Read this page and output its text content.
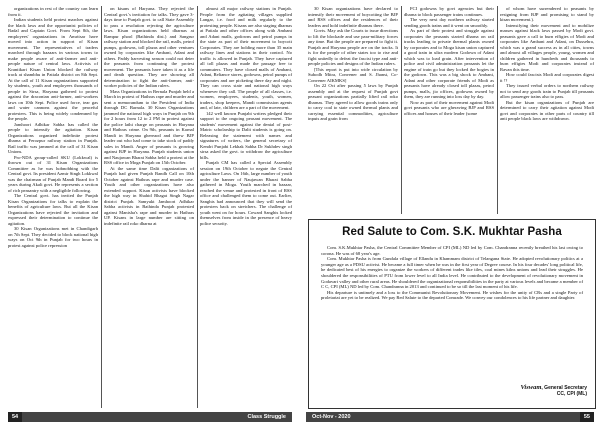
organizations in rest of the country can learn from it.

Indian students held protest marches against the black laws and the opportunist policies of Badal and Captain Govt. From Sept 8th, the employees' organizations in Amritsar have moved into action in support of Kisan movement. The representatives of traders marched through bazaars in various towns to make people aware of anti-farmer and anti-people nature of central laws. Activists of Krantikari Kisan Union blocked the railway track at shambhu in Patiala district on 8th Sept. At the call of 11 Kisan organizations supported by students, youth and employees thousands of people in Sirsa, Haryana gathered to protest against the draconian anti-farmer, anti-workers laws on 10th Sept. Police used force, tear gas and water cannons against the peaceful protesters. This is being widely condemned by the people.

Jamhoori Adhikar Sabha has called the people to intensify the agitation. Kisan Organizations organized indefinite protest dharna at Ferozpur railway station in Punjab. Rail traffic was jammed at the call of 31 Kisan Unions.

Pro-NDA group-called SKU (Lokkwal) is thrown out of 31 Kisan Organizations Committee as he was hobnobbing with the Central govt. Its president Azmir Singh Lokkwal was the chairman of Punjab Mandi Board for 5 years during Akali govt. He represents a section of rich peasantry with a negligible following.

The Central govt. has invited the Punjab Kisan Organizations for talks to explain the benefits of agriculture laws. But all the Kisan Organizations have rejected the invitation and expressed their determination to continue the agitation.

30 Kisan Organizations met in Chandigarh on 7th Sept. They decided to block national high ways on Oct 9th in Punjab for two hours in protest against police repression

on kisans of Haryana. They rejected the Central govt.'s invitation for talks. They gave 3-days time to Punjab govt. to call State Assembly to pass a resolution rejecting the agriculture laws. Kisan organizations held dharnas at Rampur phool (Bathinda dist.) and Sangrur railway station and blocked the rail, malls, petrol pumps, godowns, toll plazas and other ventures owned by corporates like Ambani, Adani and others. Paddy harvesting season could not deter the peasants from continuing the protest movement. The peasants have taken it as a life and death question. They are showing all determination to fight the anti-farmer, anti-worker policies of the Indian rulers.

Mass Organizations in Bernala Punjab held a March in protest of Hathras rape and murder and sent a memorandum to the President of India through DC Barnala. 30 Kisan Organizations jammed the national high ways in Punjab on 9th for 2 hours from 12 to 2 PM in protest against the police lathi charge on peasants in Haryana and Hathras crime. On 9th, peasants in Karnal Mandi in Haryana ghereaod and threw BJP leader out who had come to take stock of paddy sales in Mandi. Anger of peasants is growing against BJP in Haryana. Punjab students union and Naujawan Bharat Sabha held a protest at the RSS office in Moga Punjab on 15th October.

At the same time Dalit organizations of Punjab had given Punjab Bandh Call on 10th October against Hathras rape and murder case. Youth and other organizations have also extended support. Kisan activists have blocked the high way in Shahid Bhagat Singh Nagar district Punjab. Samyukt Jamhoori Adhikar Sabha activists in Bathinda Punjab protested against Manisha's rape and murder in Hathras UP. Kisans in large number are sitting on indefinite rail roko dharna at

almost all major railway stations in Punjab. People from the agitating villages supplied Langar, i.e. food and milk regularly to the protesting people. Kisans are also staging dharnas at Patiala and other offices along with Ambani and Adani malls, godowns and petrol pumps in the state as part of their movement to boycott Corporates. They are holding more than 35 main railway lines and stations in their control. No traffic is allowed in Punjab. They have captured all toll plazas and made the passage free to commuters. They have closed malls of Ambani, Adani, Reliance stores, godowns, petrol pumps of corporates and are picketing there day and night. They can cross state and national high ways whenever they call. The people of all classes, i.e. women, employees, students, youth, women, traders, shop keepers, Mandi commission agents and, of late, children are a part of the movement.

142 well known Punjabi writers pledged their support to the ongoing peasant movement. The students' movement against the denial of post-Matric scholarship to Dalit students is going on. Releasing the statement with names and signatures of writers, the general secretary of Kendri Punjabi Lekhak Sabha Dr Sukhdev singh sirsa asked the govt. to withdraw the agriculture bills.

Punjab CM has called a Special Assembly session on 19th October to negate the Central agriculture Laws. On 16th, large number of youth under the banner of Naujawan Bharat Sabha gathered in Moga. Youth marched in bazaar, reached the venue and protested in front of RSS office and challenged them to come out. Earlier, Sanghis had announced that they will send the protesters back on stretchers. The challenge of youth went on for hours. Coward Sanghis locked themselves from inside in the presence of heavy police security.

30 Kisan organizations have declared to intensify their movement of boycotting the BJP and RSS offices and the residences of their leaders and hold indefinite dharnas there.

Govts. May ask the Courts to issue directions to lift the blockade and use para-military forces any time. But the people are prepared to fight it. Punjab and Haryana people are on the tracks. It is for the people of other states too to rise and fight unitedly to defeat the fascist type and anti-people policies and designs of the Indian rulers.

[This report is put into wide circulation by Subodh Mitra, Convener and S. Jhansi, Co-Convener AIKMKS]

On 22 Oct after passing 5 laws by Punjab assembly and at the request of Punjab govt peasant organizations partially lifted rail roko dharnas. They agreed to allow goods trains only to carry coal to state owned thermal plants and carrying essential commodities, agriculture inputs and grain from

FCI godowns by govt agencies but their dharna to block passenger trains continues.

The very next day northern railway started sending goods trains and it went on smoothly.

As part of their protest and struggle against corporates the peasants started dharna on rail tracks leading to private thermal plants owned by corporates and to Moga kisan union captured a good train in ultra modern Godown of Adani which was to load grain. After intervention of police and civil administration peasants let the engine of train go but they locked the bogies in the godown. This was a big shock to Ambani, Adani and other corporate friends of Modi as peasants have already closed toll plazas, petrol pumps, malls, jio offices, godowns owned by them, they are running into loss day by day.

Now as part of their movement against Modi govt peasants who are gheraving BJP and RSS offices and houses of their leader (some

of whom have surrendered to peasants by resigning from BJP and promising to stand by kisan movement.).

Intensifying their movement and to mobilize masses against black laws passed by Modi govt. peasants gave a call to burn effigies of Modi and corporates like Ambani and Adani, on Dussehra, which was a grand success as in all cities, towns and almost all villages people, young, women and children gathered in hundreds and thousands to burn effigies Modi and corporates instead of Ravan this time.

How could fascists Modi and corporates digest it !?

They issued verbal orders to northern railway not to send any goods train to Punjab till peasants allow passenger trains also to pass.

But the kisan organizations of Punjab are determined to carry their agitation against Modi govt and corporates in other parts of country till anti people black laws are withdrawn.

Red Salute to Com. S.K. Mukhtar Pasha

Com. S.K.Mukhtar Pasha, the Central Committee Member of CPI (ML) ND led by Com. Chandranna recently breathed his last owing to corona. He was of 68 year's age.

Com. Mukhtar Pasha is from Gundala village of Ellandu in Khammam district of Telangana State. He adopted revolutionary politics at a younger age as a PDSU activist. He became a full timer when he was in the first year of Degree course. In his four decades' long political life, he dedicated best of his energies to organize the workers of different trades like tiles, coal mines kilns unions and lead their struggles. He shouldered the responsibilities of PTU from lower level to all India level. He contributed to the development of revolutionary movement in Godavari valley and other rural areas. He shouldered the organizational responsibilities in the party at various levels and became a member of C C, CPI (ML) ND led by Com. Chandranna in 2013 and continued to be so till the last moment of his life.

His departure is untimely and a loss to the Communist Revolutionary Movement. He wishes for the unity of CRs and a single Party of proletariat are yet to be realized. We pay Red Salute to the departed Comrade. We convey our condolences to his life partner and daughter.

Viswam, General Secretary
CC, CPI (ML)
54	Class Struggle	Oct-Nov - 2020	55
